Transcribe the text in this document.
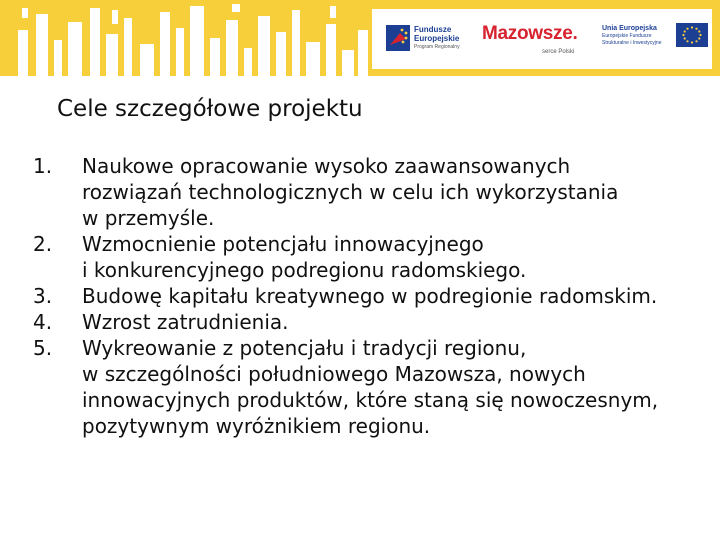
Fundusze
Europejskie
Program Regionalny
Mazowsze.
serce Polski
Unia Europejska
Europejskie Fundusze
Strukturalne i Inwestycyjne
Cele szczegółowe projektu
1. Naukowe opracowanie wysoko zaawansowanych
rozwiązań technologicznych w celu ich wykorzystania
w przemyśle.
2. Wzmocnienie potencjału innowacyjnego
i konkurencyjnego podregionu radomskiego.
3. Budowę kapitału kreatywnego w podregionie radomskim.
4. Wzrost zatrudnienia.
5. Wykreowanie z potencjału i tradycji regionu,
w szczególności południowego Mazowsza, nowych
innowacyjnych produktów, które staną się nowoczesnym,
pozytywnym wyróżnikiem regionu.
